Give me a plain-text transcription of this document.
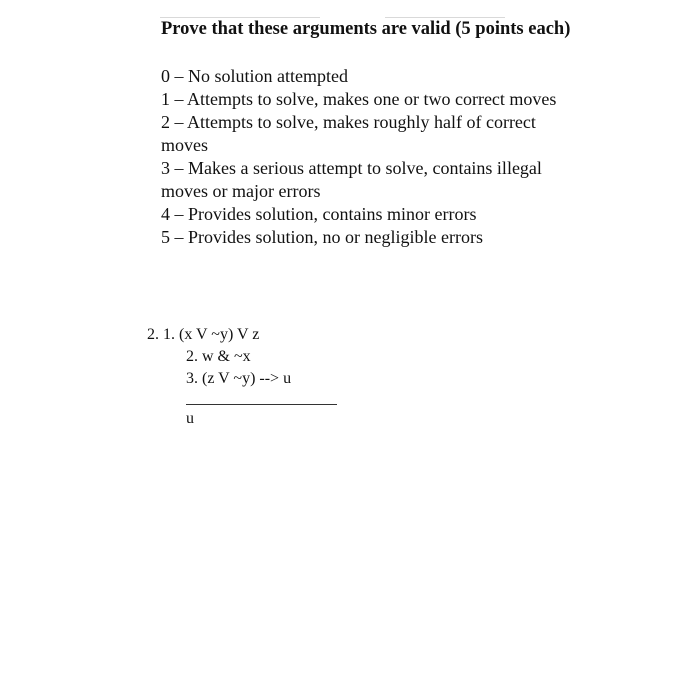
Prove that these arguments are valid (5 points each)
0 – No solution attempted
1 – Attempts to solve, makes one or two correct moves
2 – Attempts to solve, makes roughly half of correct
moves
3 – Makes a serious attempt to solve, contains illegal
moves or major errors
4 – Provides solution, contains minor errors
5 – Provides solution, no or negligible errors
2. 1. (x V ~y) V z
2. w & ~x
3. (z V ~y) --> u
u
